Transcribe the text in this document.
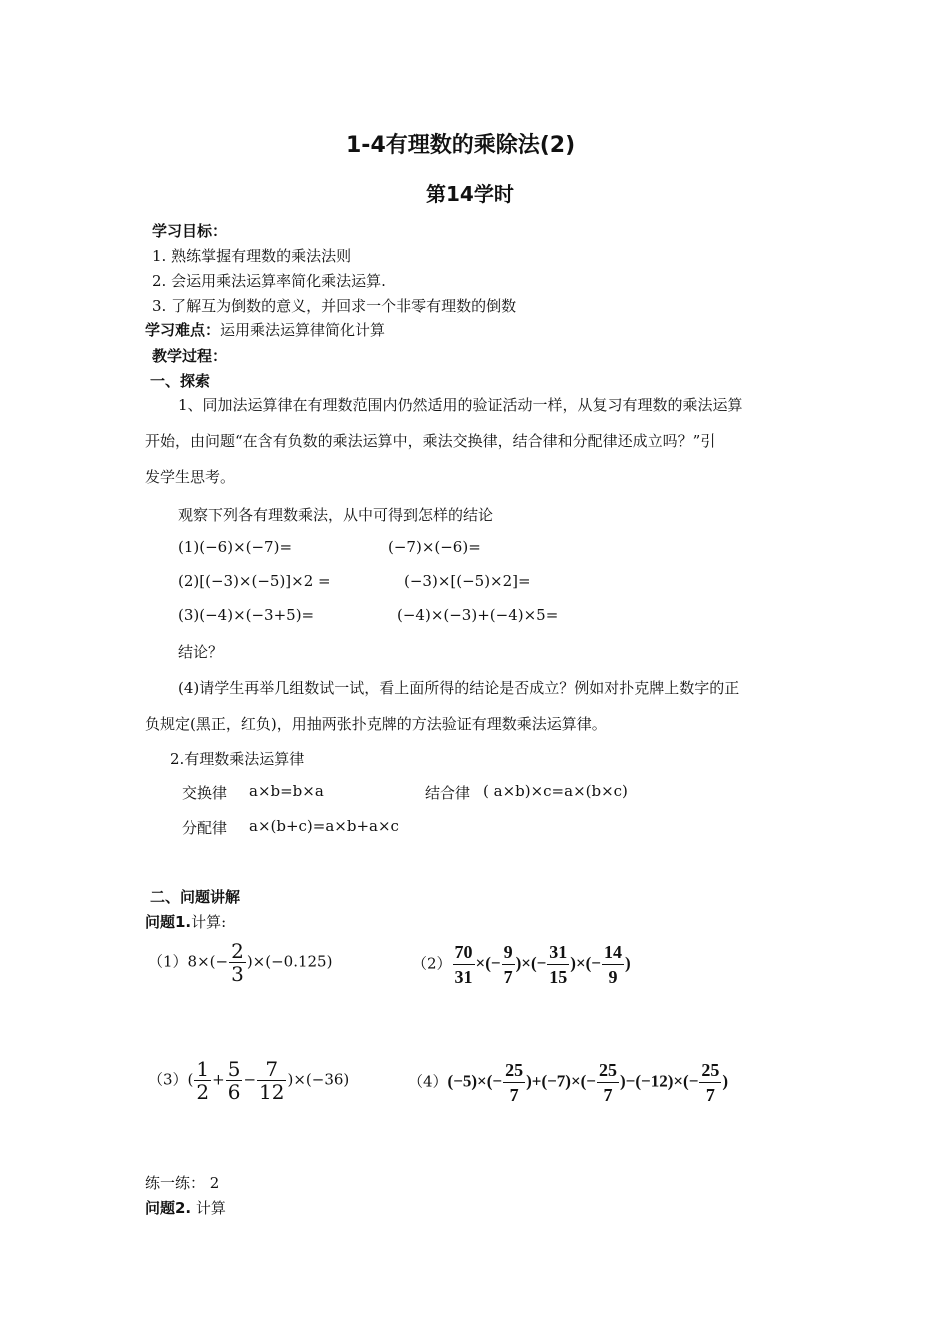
1-4有理数的乘除法(2)
第14学时
学习目标：
1. 熟练掌握有理数的乘法法则
2. 会运用乘法运算率简化乘法运算.
3. 了解互为倒数的意义，并回求一个非零有理数的倒数
学习难点：运用乘法运算律简化计算
教学过程：
一、探索
1、同加法运算律在有理数范围内仍然适用的验证活动一样，从复习有理数的乘法运算
开始，由问题“在含有负数的乘法运算中，乘法交换律，结合律和分配律还成立吗？”引
发学生思考。
观察下列各有理数乘法，从中可得到怎样的结论
(1)(−6)×(−7)=	(−7)×(−6)=
(2)[(−3)×(−5)]×2 =	(−3)×[(−5)×2]=
(3)(−4)×(−3+5)=	(−4)×(−3)+(−4)×5=
结论？
(4)请学生再举几组数试一试，看上面所得的结论是否成立？例如对扑克牌上数字的正
负规定(黑正，红负)，用抽两张扑克牌的方法验证有理数乘法运算律。
2.有理数乘法运算律
交换律 a×b=b×a	结合律 ( a×b)×c=a×(b×c)
分配律 a×(b+c)=a×b+a×c
二、问题讲解
问题1.计算:
$(1)8\times(- \frac{2}{3} )\times(-0.125)$	$(2) \frac{70}{31}$ ×(− $\frac{9}{7}$ )×(− $\frac{31}{15}$ )×(− $\frac{14}{9}$ )
$(3)( \frac{1}{2} + \frac{5}{6} - \frac{7}{12} )\times(-36)$	$(4)(-5)\times(- \frac{25}{7} )+(-7)\times(- \frac{25}{7} )-(-12)\times(- \frac{25}{7}$ )
练一练： 2
问题2. 计算
